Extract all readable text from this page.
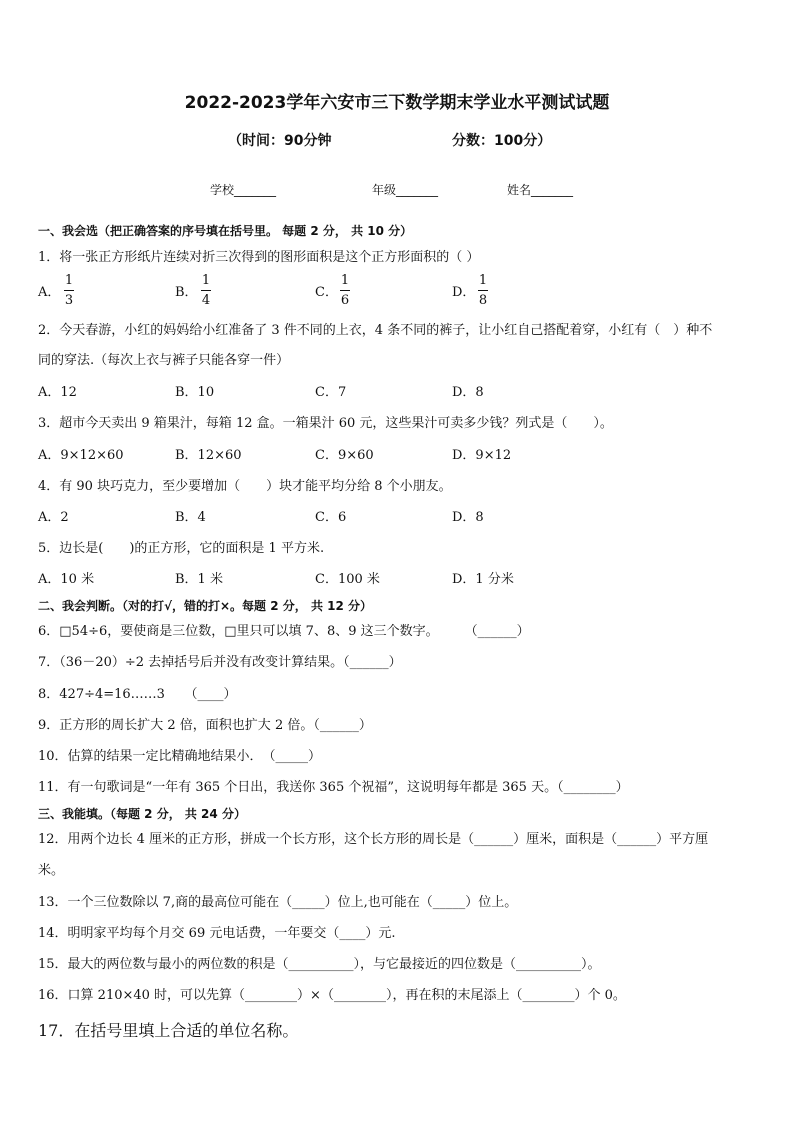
2022-2023学年六安市三下数学期末学业水平测试试题
（时间：90分钟	分数：100分）
学校_______	年级_______	姓名_______
一、我会选（把正确答案的序号填在括号里。 每题 2 分， 共 10 分）
1．将一张正方形纸片连续对折三次得到的图形面积是这个正方形面积的（ ）
A．
1
3
B．
1
4
C．
1
6
D．
1
8
2．今天春游，小红的妈妈给小红准备了 3 件不同的上衣，4 条不同的裤子，让小红自己搭配着穿，小红有（　）种不
同的穿法.（每次上衣与裤子只能各穿一件）
A．12	B．10	C．7	D．8
3．超市今天卖出 9 箱果汁，每箱 12 盒。一箱果汁 60 元，这些果汁可卖多少钱？列式是（　　）。
A．9×12×60	B．12×60	C．9×60	D．9×12
4．有 90 块巧克力，至少要增加（　　）块才能平均分给 8 个小朋友。
A．2	B．4	C．6	D．8
5．边长是(　　)的正方形，它的面积是 1 平方米.
A．10 米	B．1 米	C．100 米	D．1 分米
二、我会判断。（对的打√，错的打×。每题 2 分， 共 12 分）
6．□54÷6，要使商是三位数，□里只可以填 7、8、9 这三个数字。　　　（______）
7．（36－20）÷2 去掉括号后并没有改变计算结果。（______）
8．427÷4=16……3　　（____）
9．正方形的周长扩大 2 倍，面积也扩大 2 倍。（______）
10．估算的结果一定比精确地结果小．　（_____）
11．有一句歌词是“一年有 365 个日出，我送你 365 个祝福”，这说明每年都是 365 天。（________）
三、我能填。（每题 2 分， 共 24 分）
12．用两个边长 4 厘米的正方形，拼成一个长方形，这个长方形的周长是（______）厘米，面积是（______）平方厘
米。
13．一个三位数除以 7,商的最高位可能在（_____）位上,也可能在（_____）位上。
14．明明家平均每个月交 69 元电话费，一年要交（____）元.
15．最大的两位数与最小的两位数的积是（__________），与它最接近的四位数是（__________）。
16．口算 210×40 时，可以先算（________）×（________），再在积的末尾添上（________）个 0。
17．在括号里填上合适的单位名称。
